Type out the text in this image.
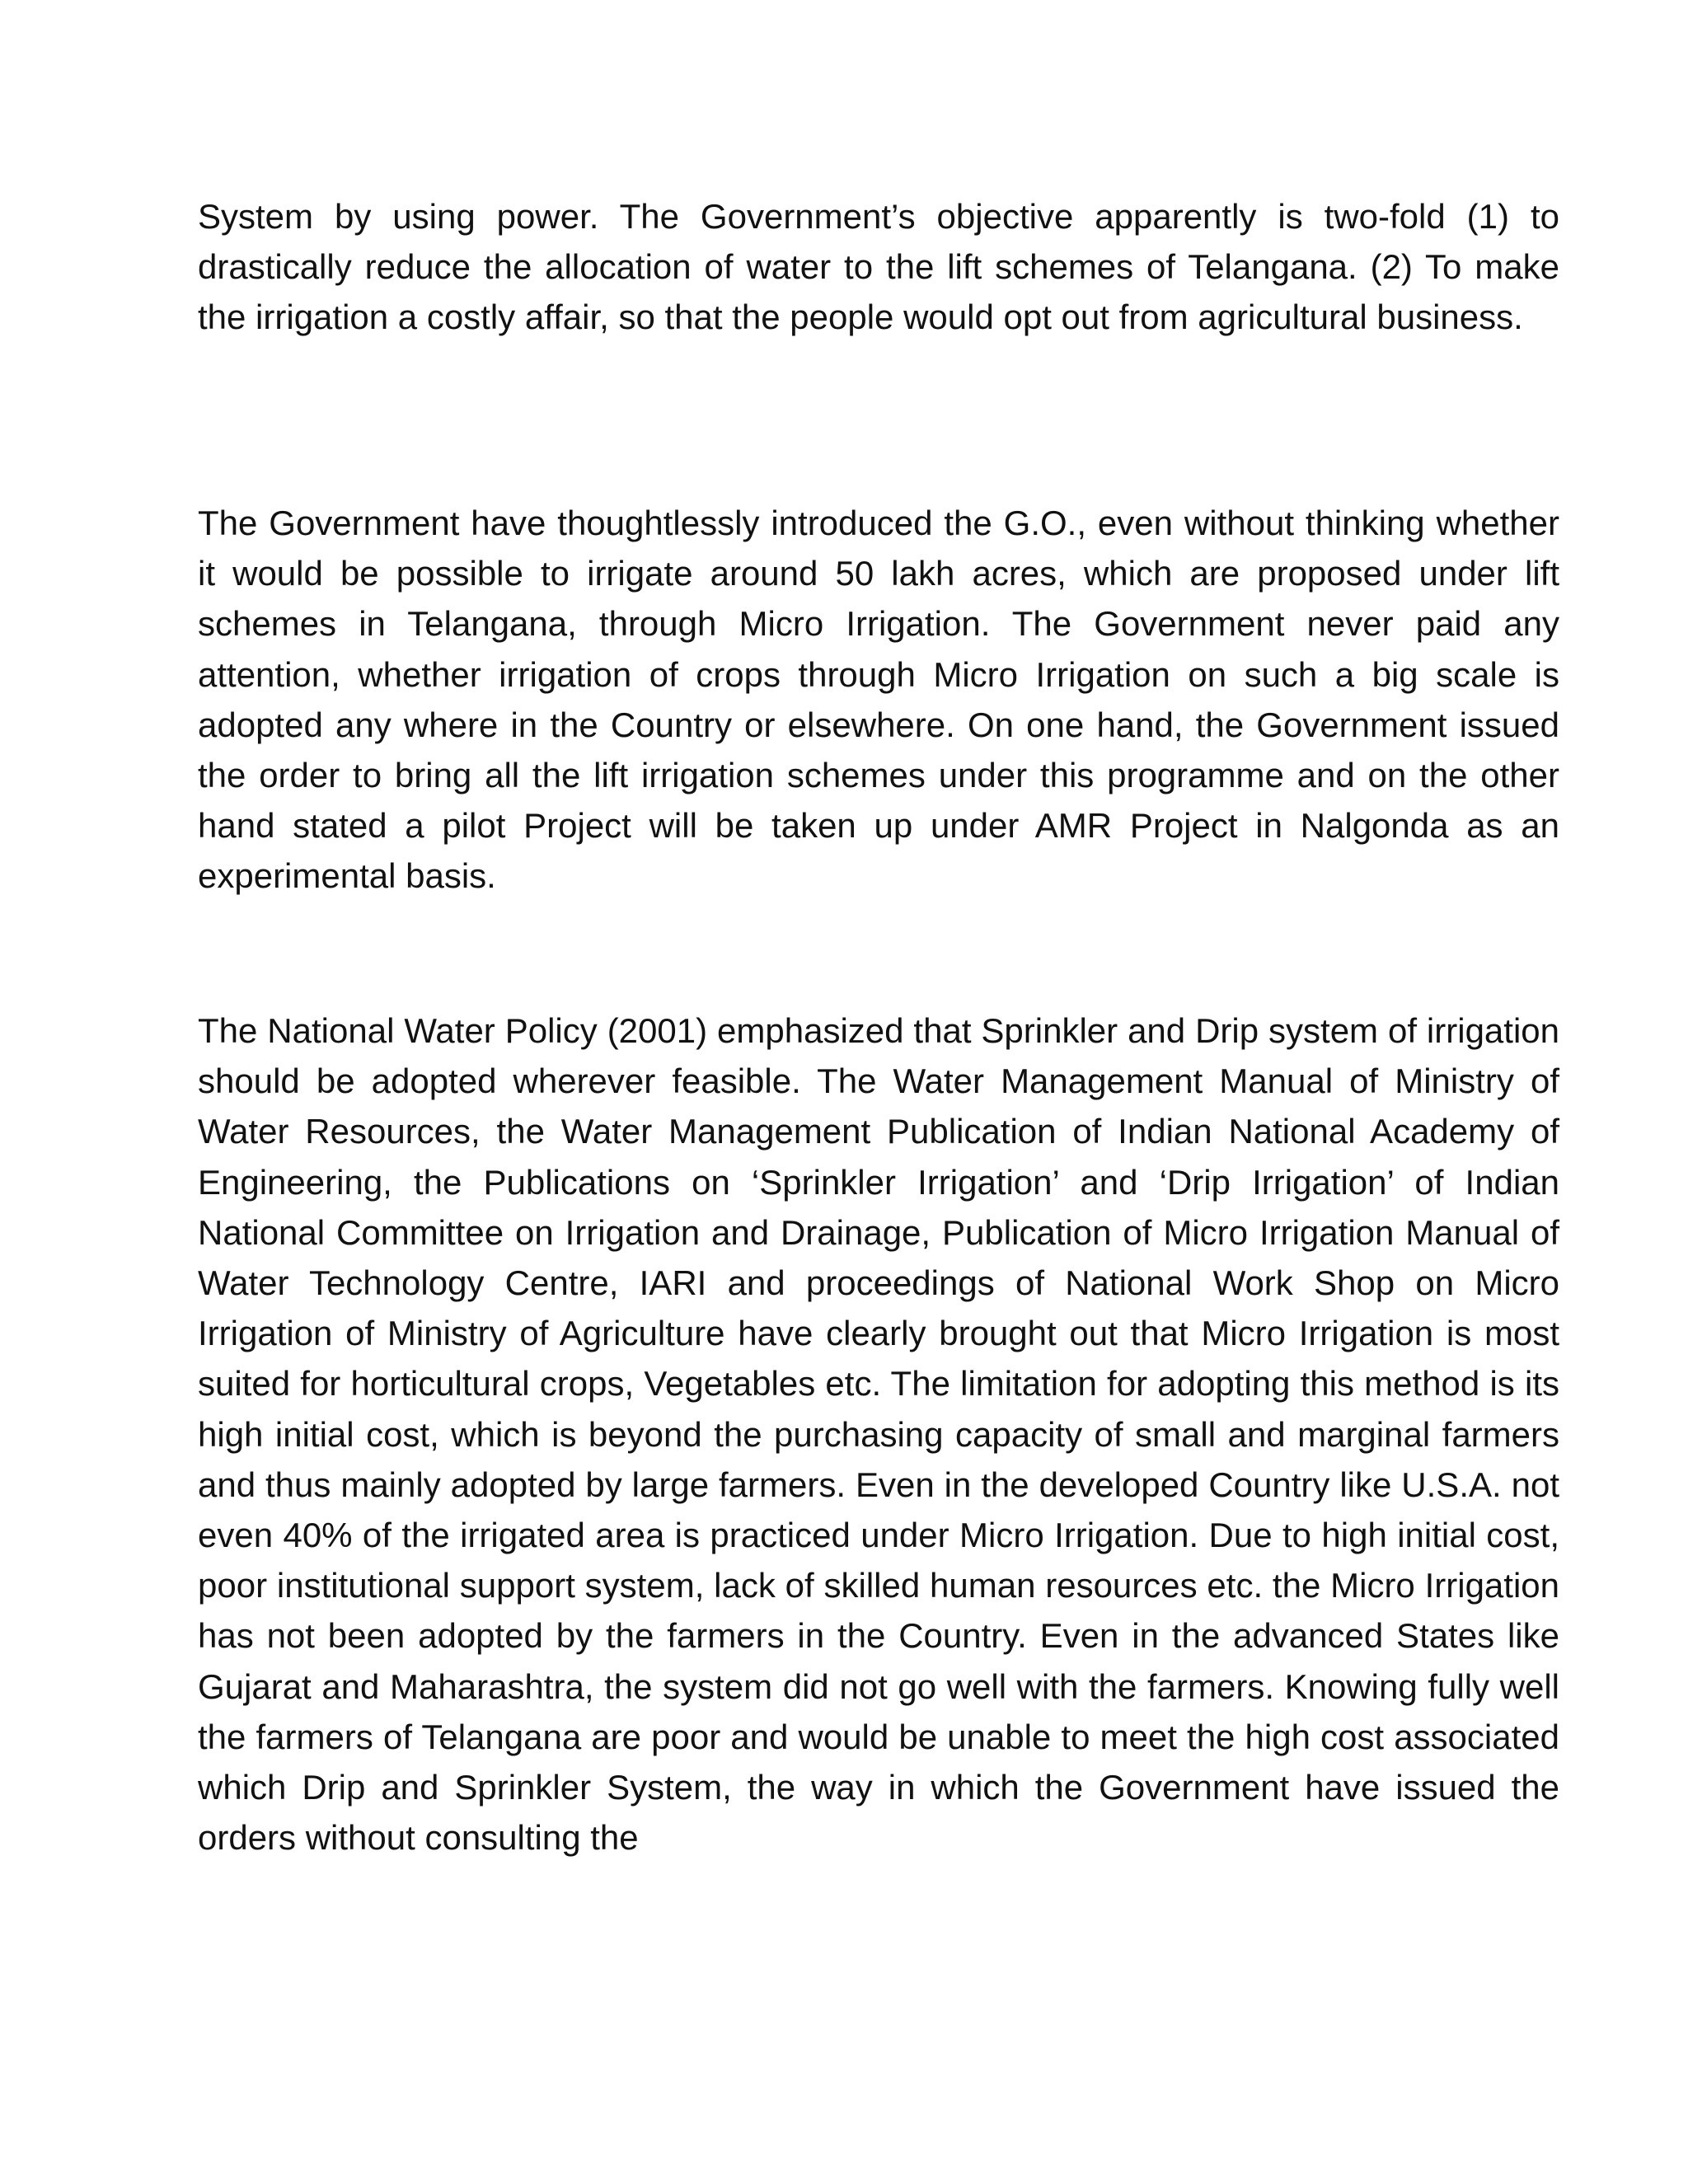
System by using power. The Government’s objective apparently is two-fold (1) to drastically reduce the allocation of water to the lift schemes of Telangana. (2) To make the irrigation a costly affair, so that the people would opt out from agricultural business.

The Government have thoughtlessly introduced the G.O., even without thinking whether it would be possible to irrigate around 50 lakh acres, which are proposed under lift schemes in Telangana, through Micro Irrigation. The Government never paid any attention, whether irrigation of crops through Micro Irrigation on such a big scale is adopted any where in the Country or elsewhere. On one hand, the Government issued the order to bring all the lift irrigation schemes under this programme and on the other hand stated a pilot Project will be taken up under AMR Project in Nalgonda as an experimental basis.

The National Water Policy (2001) emphasized that Sprinkler and Drip system of irrigation should be adopted wherever feasible. The Water Management Manual of Ministry of Water Resources, the Water Management Publication of Indian National Academy of Engineering, the Publications on ‘Sprinkler Irrigation’ and ‘Drip Irrigation’ of Indian National Committee on Irrigation and Drainage, Publication of Micro Irrigation Manual of Water Technology Centre, IARI and proceedings of National Work Shop on Micro Irrigation of Ministry of Agriculture have clearly brought out that Micro Irrigation is most suited for horticultural crops, Vegetables etc. The limitation for adopting this method is its high initial cost, which is beyond the purchasing capacity of small and marginal farmers and thus mainly adopted by large farmers. Even in the developed Country like U.S.A. not even 40% of the irrigated area is practiced under Micro Irrigation. Due to high initial cost, poor institutional support system, lack of skilled human resources etc. the Micro Irrigation has not been adopted by the farmers in the Country. Even in the advanced States like Gujarat and Maharashtra, the system did not go well with the farmers. Knowing fully well the farmers of Telangana are poor and would be unable to meet the high cost associated which Drip and Sprinkler System, the way in which the Government have issued the orders without consulting the
